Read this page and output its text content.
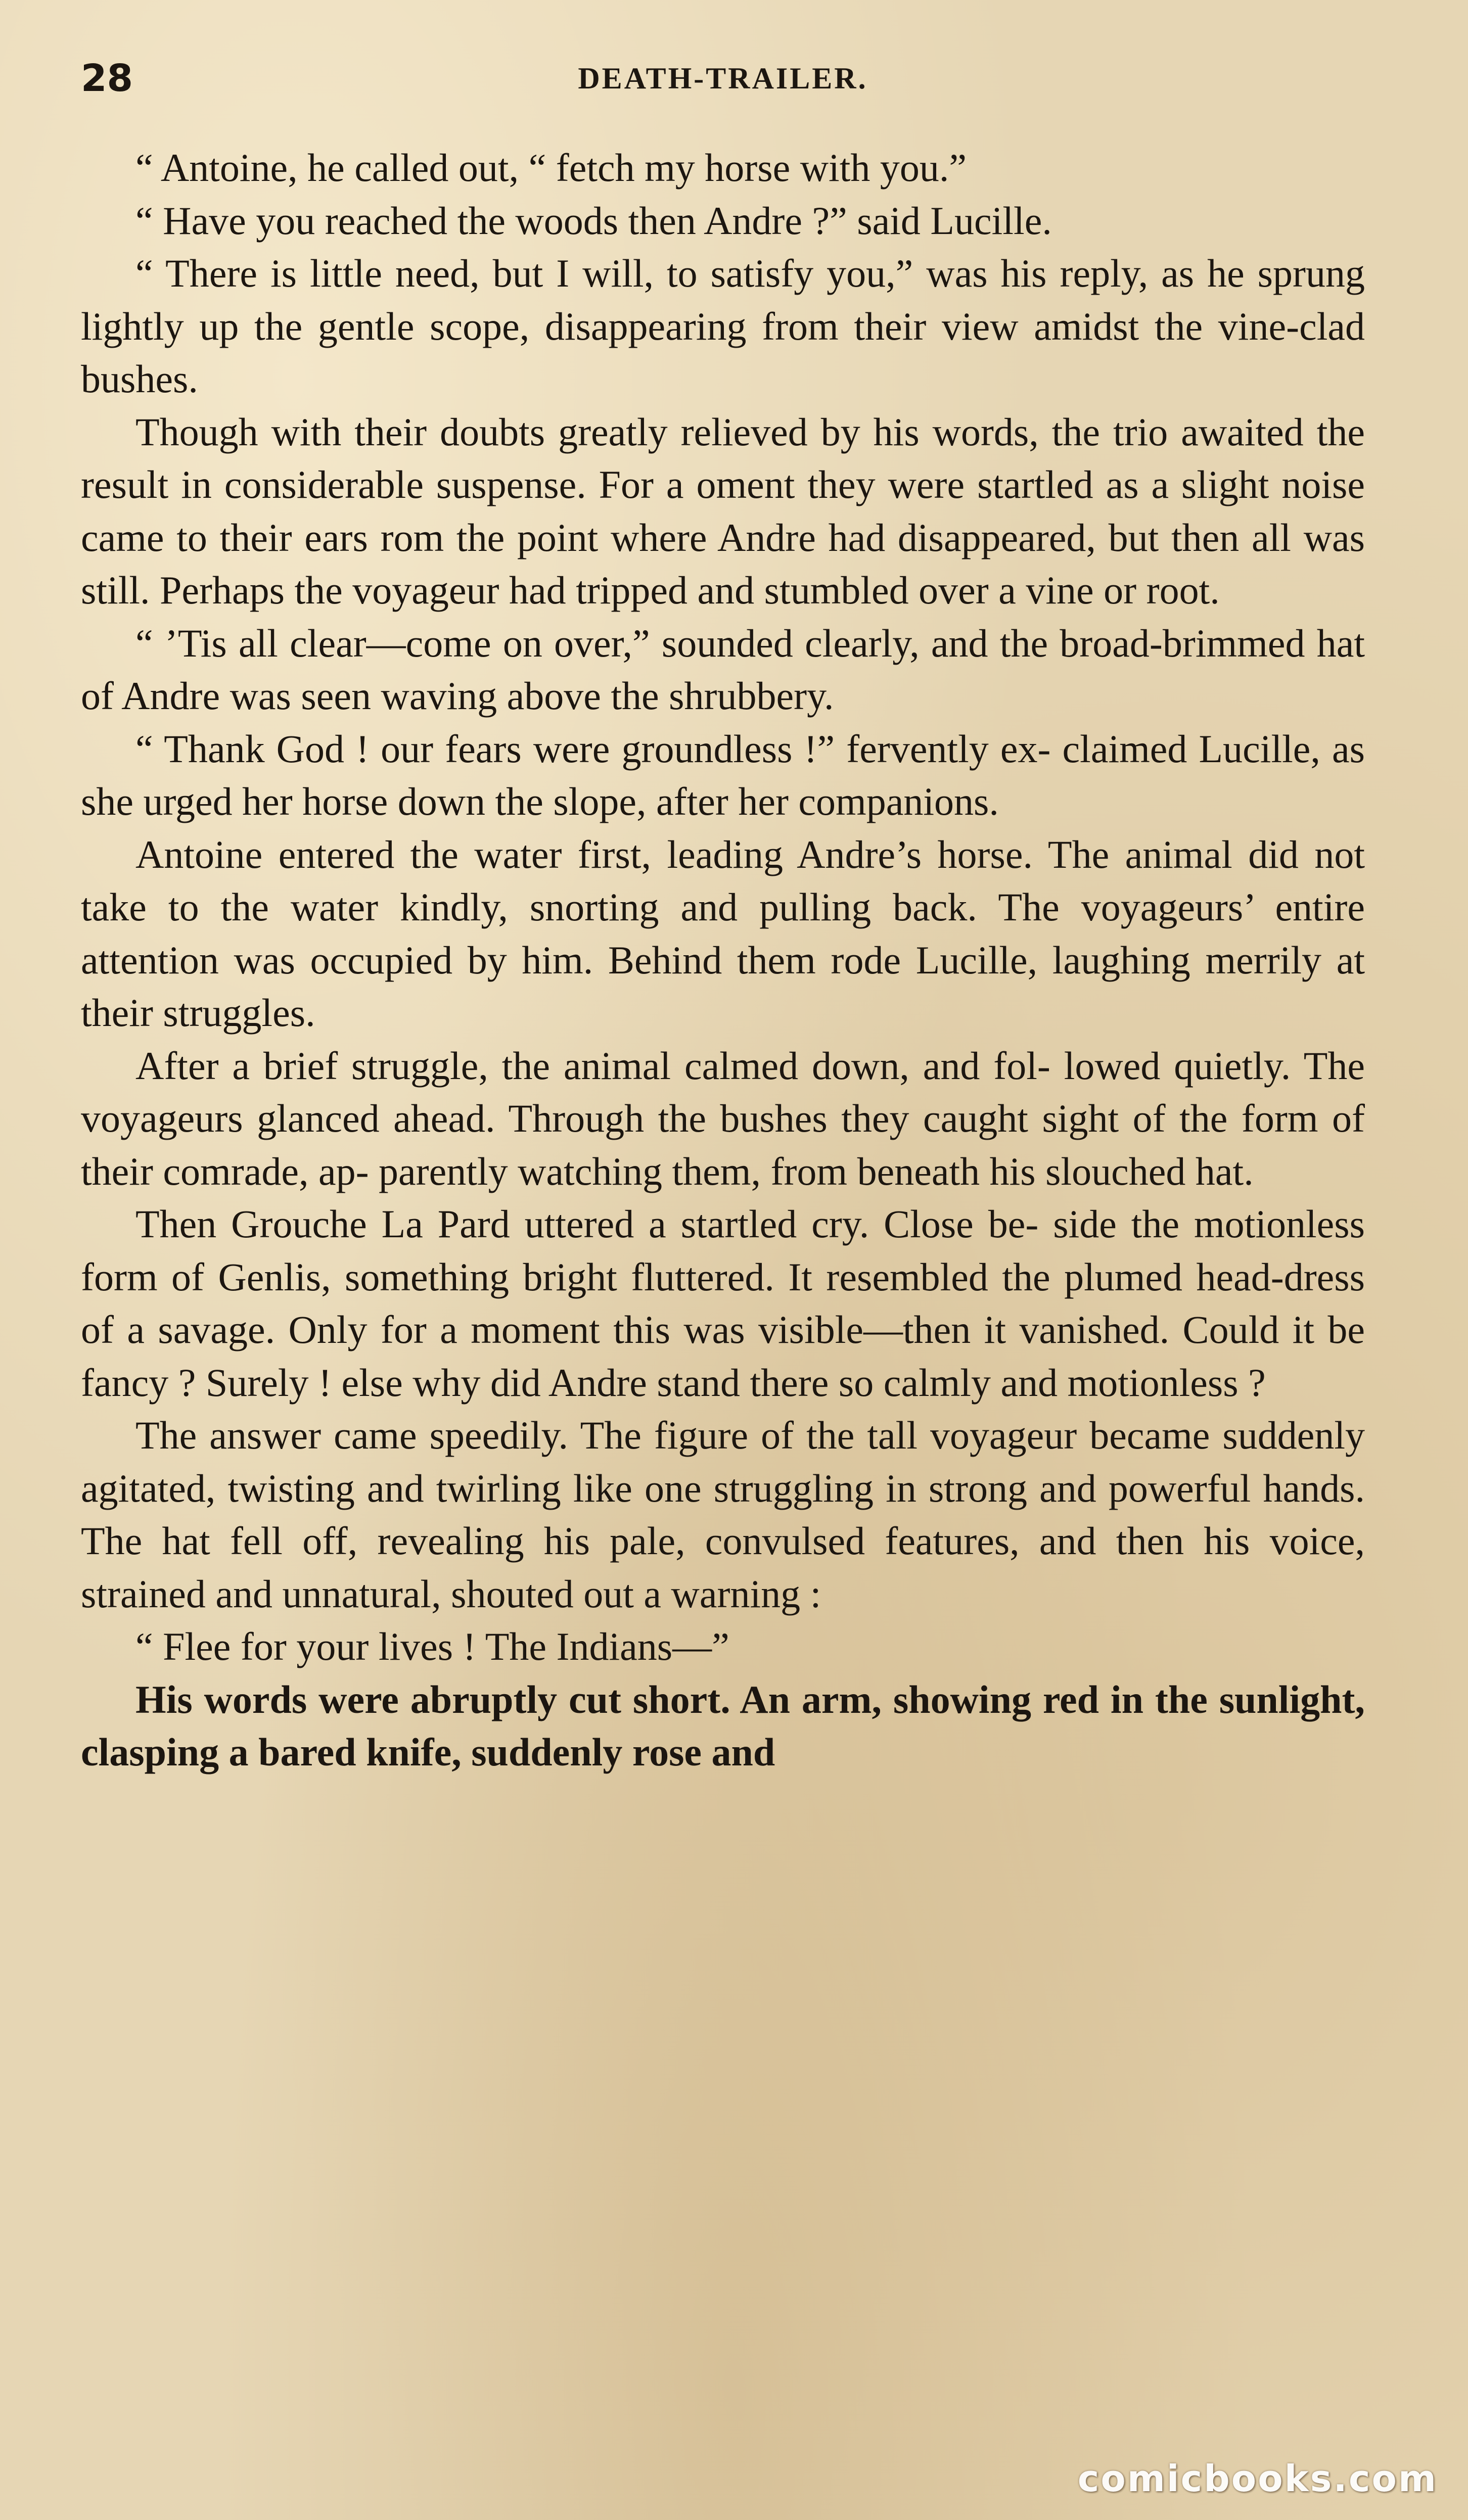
28	DEATH-TRAILER.

“ Antoine, he called out, “ fetch my horse with you.”

“ Have you reached the woods then Andre ?” said Lucille.

“ There is little need, but I will, to satisfy you,” was his reply, as he sprung lightly up the gentle scope, disappearing from their view amidst the vine-clad bushes.

Though with their doubts greatly relieved by his words, the trio awaited the result in considerable suspense. For a oment they were startled as a slight noise came to their ears rom the point where Andre had disappeared, but then all was still. Perhaps the voyageur had tripped and stumbled over a vine or root.

“ ’Tis all clear—come on over,” sounded clearly, and the broad-brimmed hat of Andre was seen waving above the shrubbery.

“ Thank God ! our fears were groundless !” fervently ex- claimed Lucille, as she urged her horse down the slope, after her companions.

Antoine entered the water first, leading Andre’s horse. The animal did not take to the water kindly, snorting and pulling back. The voyageurs’ entire attention was occupied by him. Behind them rode Lucille, laughing merrily at their struggles.

After a brief struggle, the animal calmed down, and fol- lowed quietly. The voyageurs glanced ahead. Through the bushes they caught sight of the form of their comrade, ap- parently watching them, from beneath his slouched hat.

Then Grouche La Pard uttered a startled cry. Close be- side the motionless form of Genlis, something bright fluttered. It resembled the plumed head-dress of a savage. Only for a moment this was visible—then it vanished. Could it be fancy ? Surely ! else why did Andre stand there so calmly and motionless ?

The answer came speedily. The figure of the tall voyageur became suddenly agitated, twisting and twirling like one struggling in strong and powerful hands. The hat fell off, revealing his pale, convulsed features, and then his voice, strained and unnatural, shouted out a warning :

“ Flee for your lives ! The Indians—”

His words were abruptly cut short. An arm, showing red in the sunlight, clasping a bared knife, suddenly rose and

comicbooks.com
